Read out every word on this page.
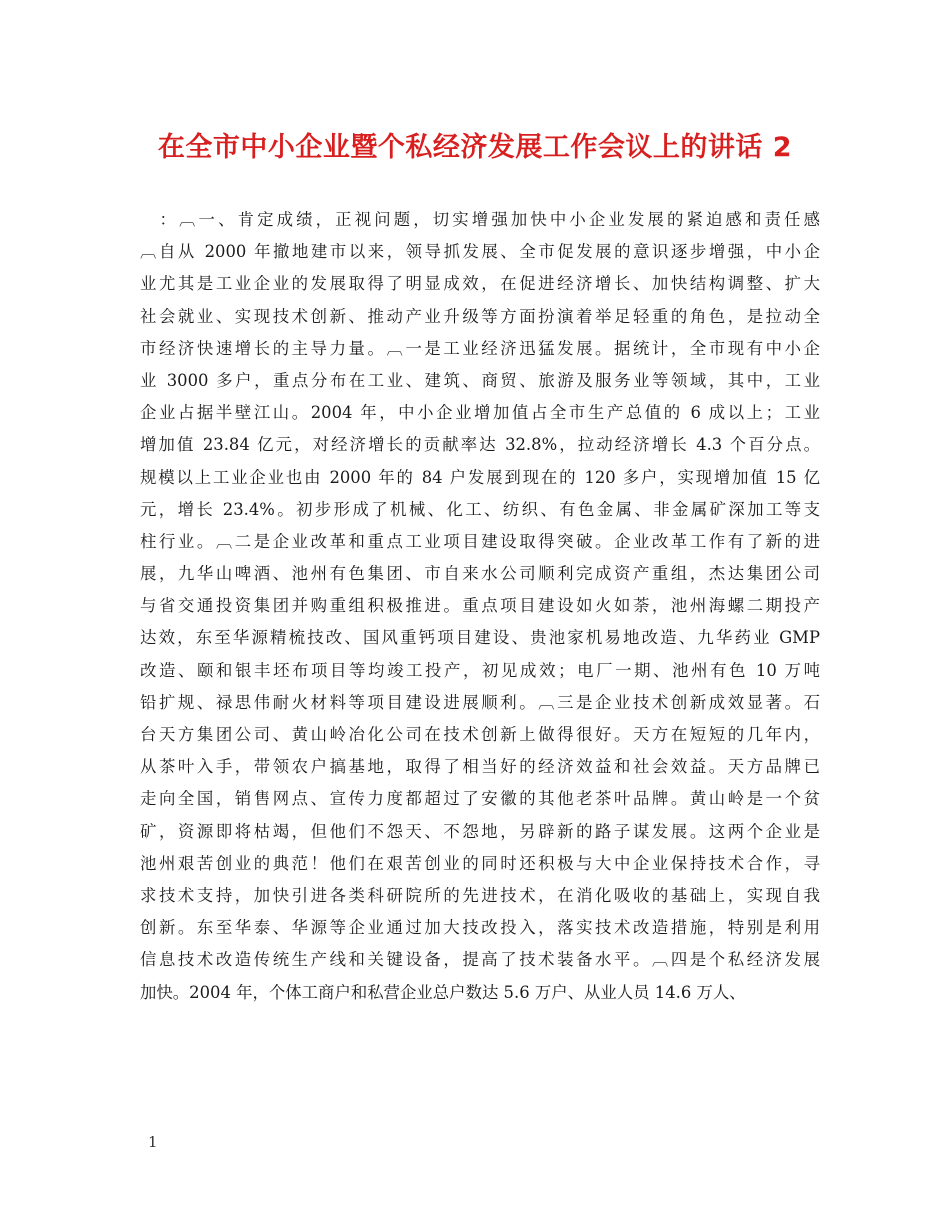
在全市中小企业暨个私经济发展工作会议上的讲话 2
　：︹一、肯定成绩，正视问题，切实增强加快中小企业发展的紧迫感和责任感
︹自从 2000 年撤地建市以来，领导抓发展、全市促发展的意识逐步增强，中小企
业尤其是工业企业的发展取得了明显成效，在促进经济增长、加快结构调整、扩大
社会就业、实现技术创新、推动产业升级等方面扮演着举足轻重的角色，是拉动全
市经济快速增长的主导力量。︹一是工业经济迅猛发展。据统计，全市现有中小企
业 3000 多户，重点分布在工业、建筑、商贸、旅游及服务业等领域，其中，工业
企业占据半壁江山。2004 年，中小企业增加值占全市生产总值的 6 成以上；工业
增加值 23.84 亿元，对经济增长的贡献率达 32.8%，拉动经济增长 4.3 个百分点。
规模以上工业企业也由 2000 年的 84 户发展到现在的 120 多户，实现增加值 15 亿
元，增长 23.4%。初步形成了机械、化工、纺织、有色金属、非金属矿深加工等支
柱行业。︹二是企业改革和重点工业项目建设取得突破。企业改革工作有了新的进
展，九华山啤酒、池州有色集团、市自来水公司顺利完成资产重组，杰达集团公司
与省交通投资集团并购重组积极推进。重点项目建设如火如荼，池州海螺二期投产
达效，东至华源精梳技改、国风重钙项目建设、贵池家机易地改造、九华药业 GMP
改造、颐和银丰坯布项目等均竣工投产，初见成效；电厂一期、池州有色 10 万吨
铅扩规、禄思伟耐火材料等项目建设进展顺利。︹三是企业技术创新成效显著。石
台天方集团公司、黄山岭冶化公司在技术创新上做得很好。天方在短短的几年内，
从茶叶入手，带领农户搞基地，取得了相当好的经济效益和社会效益。天方品牌已
走向全国，销售网点、宣传力度都超过了安徽的其他老茶叶品牌。黄山岭是一个贫
矿，资源即将枯竭，但他们不怨天、不怨地，另辟新的路子谋发展。这两个企业是
池州艰苦创业的典范！他们在艰苦创业的同时还积极与大中企业保持技术合作，寻
求技术支持，加快引进各类科研院所的先进技术，在消化吸收的基础上，实现自我
创新。东至华泰、华源等企业通过加大技改投入，落实技术改造措施，特别是利用
信息技术改造传统生产线和关键设备，提高了技术装备水平。︹四是个私经济发展
加快。2004 年，个体工商户和私营企业总户数达 5.6 万户、从业人员 14.6 万人、
1
